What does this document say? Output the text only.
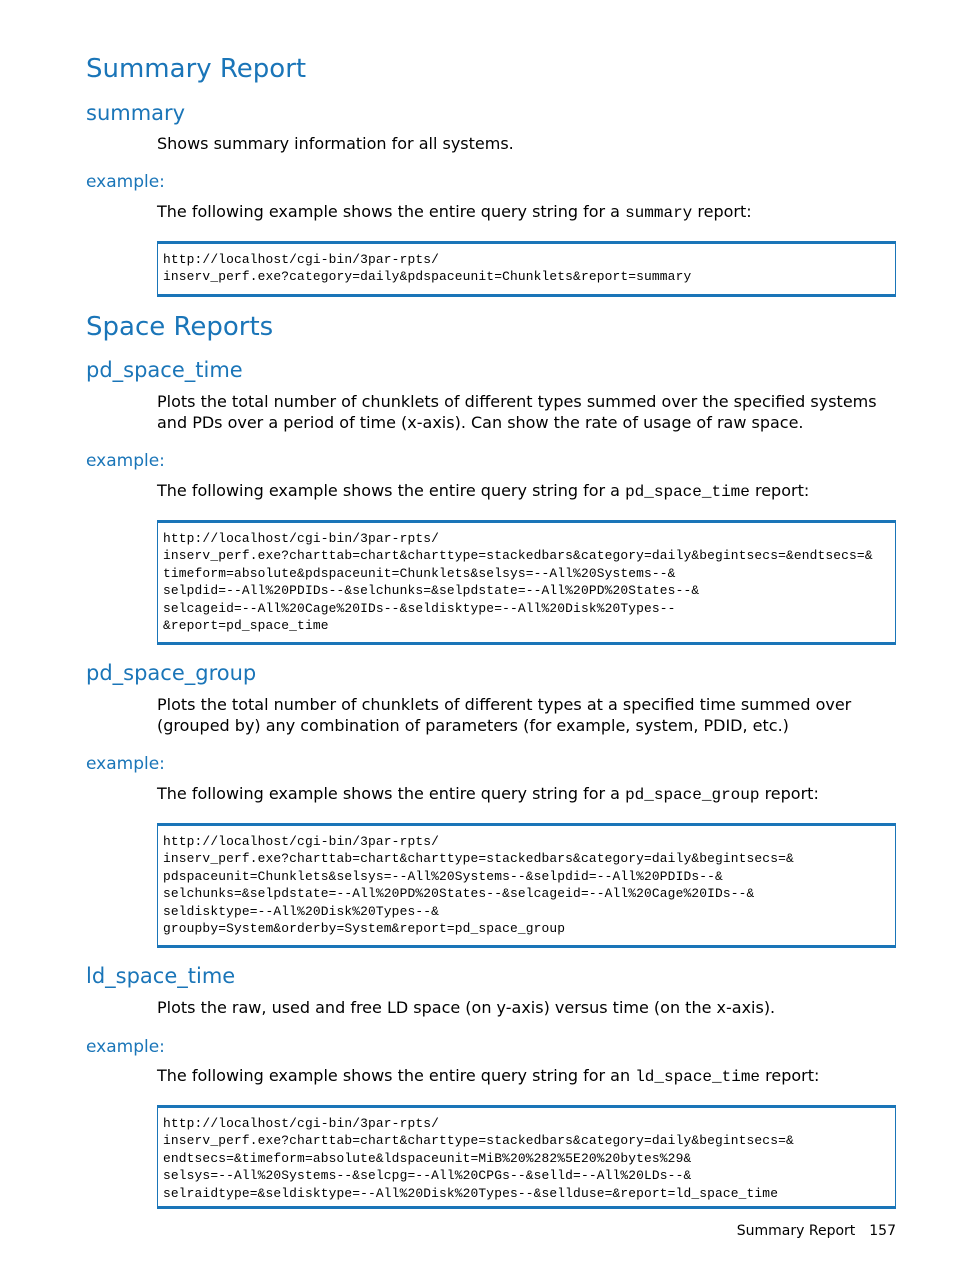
Summary Report
summary

Shows summary information for all systems.

example:

The following example shows the entire query string for a summary report:

http://localhost/cgi-bin/3par-rpts/
inserv_perf.exe?category=daily&pdspaceunit=Chunklets&report=summary
Space Reports
pd_space_time

Plots the total number of chunklets of different types summed over the specified systems and PDs over a period of time (x-axis). Can show the rate of usage of raw space.

example:

The following example shows the entire query string for a pd_space_time report:

http://localhost/cgi-bin/3par-rpts/
inserv_perf.exe?charttab=chart&charttype=stackedbars&category=daily&begintsecs=&endtsecs=&
timeform=absolute&pdspaceunit=Chunklets&selsys=--All%20Systems--&
selpdid=--All%20PDIDs--&selchunks=&selpdstate=--All%20PD%20States--&
selcageid=--All%20Cage%20IDs--&seldisktype=--All%20Disk%20Types--
&report=pd_space_time
pd_space_group

Plots the total number of chunklets of different types at a specified time summed over (grouped by) any combination of parameters (for example, system, PDID, etc.)

example:

The following example shows the entire query string for a pd_space_group report:

http://localhost/cgi-bin/3par-rpts/
inserv_perf.exe?charttab=chart&charttype=stackedbars&category=daily&begintsecs=&
pdspaceunit=Chunklets&selsys=--All%20Systems--&selpdid=--All%20PDIDs--&
selchunks=&selpdstate=--All%20PD%20States--&selcageid=--All%20Cage%20IDs--&
seldisktype=--All%20Disk%20Types--&
groupby=System&orderby=System&report=pd_space_group
ld_space_time

Plots the raw, used and free LD space (on y-axis) versus time (on the x-axis).

example:

The following example shows the entire query string for an ld_space_time report:

http://localhost/cgi-bin/3par-rpts/
inserv_perf.exe?charttab=chart&charttype=stackedbars&category=daily&begintsecs=&
endtsecs=&timeform=absolute&ldspaceunit=MiB%20%282%5E20%20bytes%29&
selsys=--All%20Systems--&selcpg=--All%20CPGs--&selld=--All%20LDs--&
selraidtype=&seldisktype=--All%20Disk%20Types--&sellduse=&report=ld_space_time
Summary Report 157
